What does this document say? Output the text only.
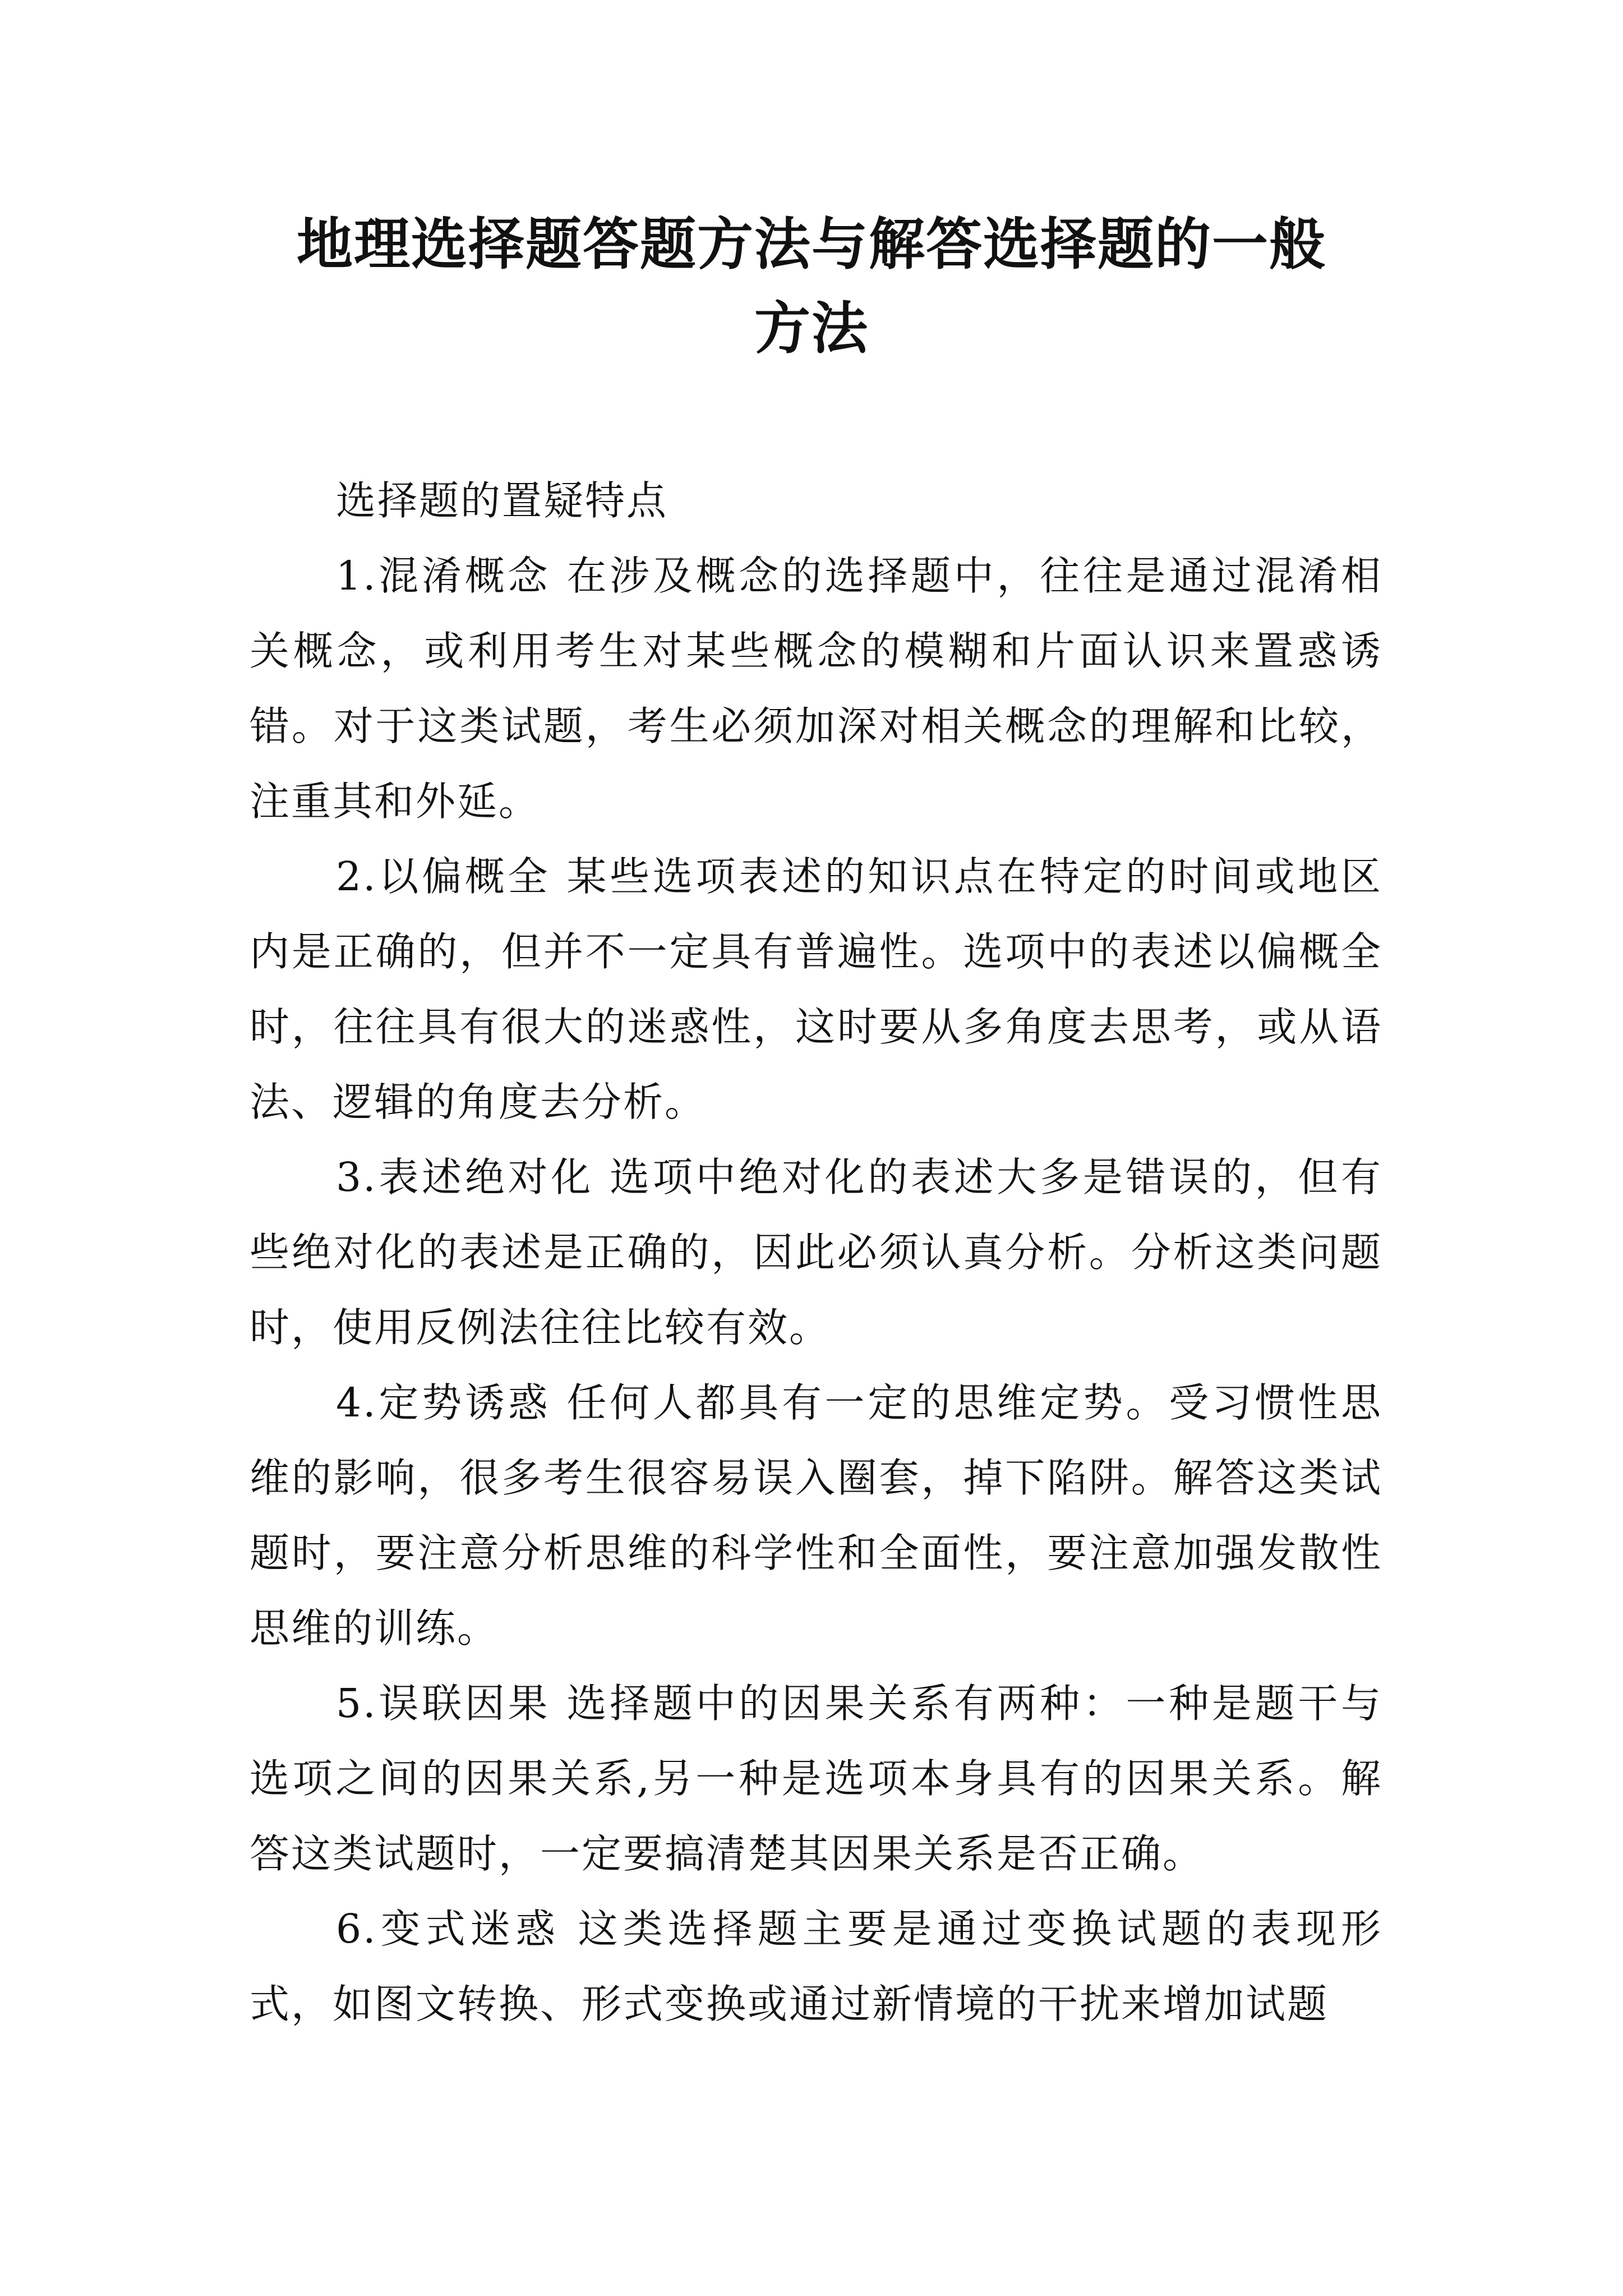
地理选择题答题方法与解答选择题的一般
方法

选择题的置疑特点

1.混淆概念 在涉及概念的选择题中，往往是通过混淆相关概念，或利用考生对某些概念的模糊和片面认识来置惑诱错。对于这类试题，考生必须加深对相关概念的理解和比较，注重其和外延。

2.以偏概全 某些选项表述的知识点在特定的时间或地区内是正确的，但并不一定具有普遍性。选项中的表述以偏概全时，往往具有很大的迷惑性，这时要从多角度去思考，或从语法、逻辑的角度去分析。

3.表述绝对化 选项中绝对化的表述大多是错误的，但有些绝对化的表述是正确的，因此必须认真分析。分析这类问题时，使用反例法往往比较有效。

4.定势诱惑 任何人都具有一定的思维定势。受习惯性思维的影响，很多考生很容易误入圈套，掉下陷阱。解答这类试题时，要注意分析思维的科学性和全面性，要注意加强发散性思维的训练。

5.误联因果 选择题中的因果关系有两种：一种是题干与选项之间的因果关系,另一种是选项本身具有的因果关系。解答这类试题时，一定要搞清楚其因果关系是否正确。

6.变式迷惑 这类选择题主要是通过变换试题的表现形式，如图文转换、形式变换或通过新情境的干扰来增加试题
